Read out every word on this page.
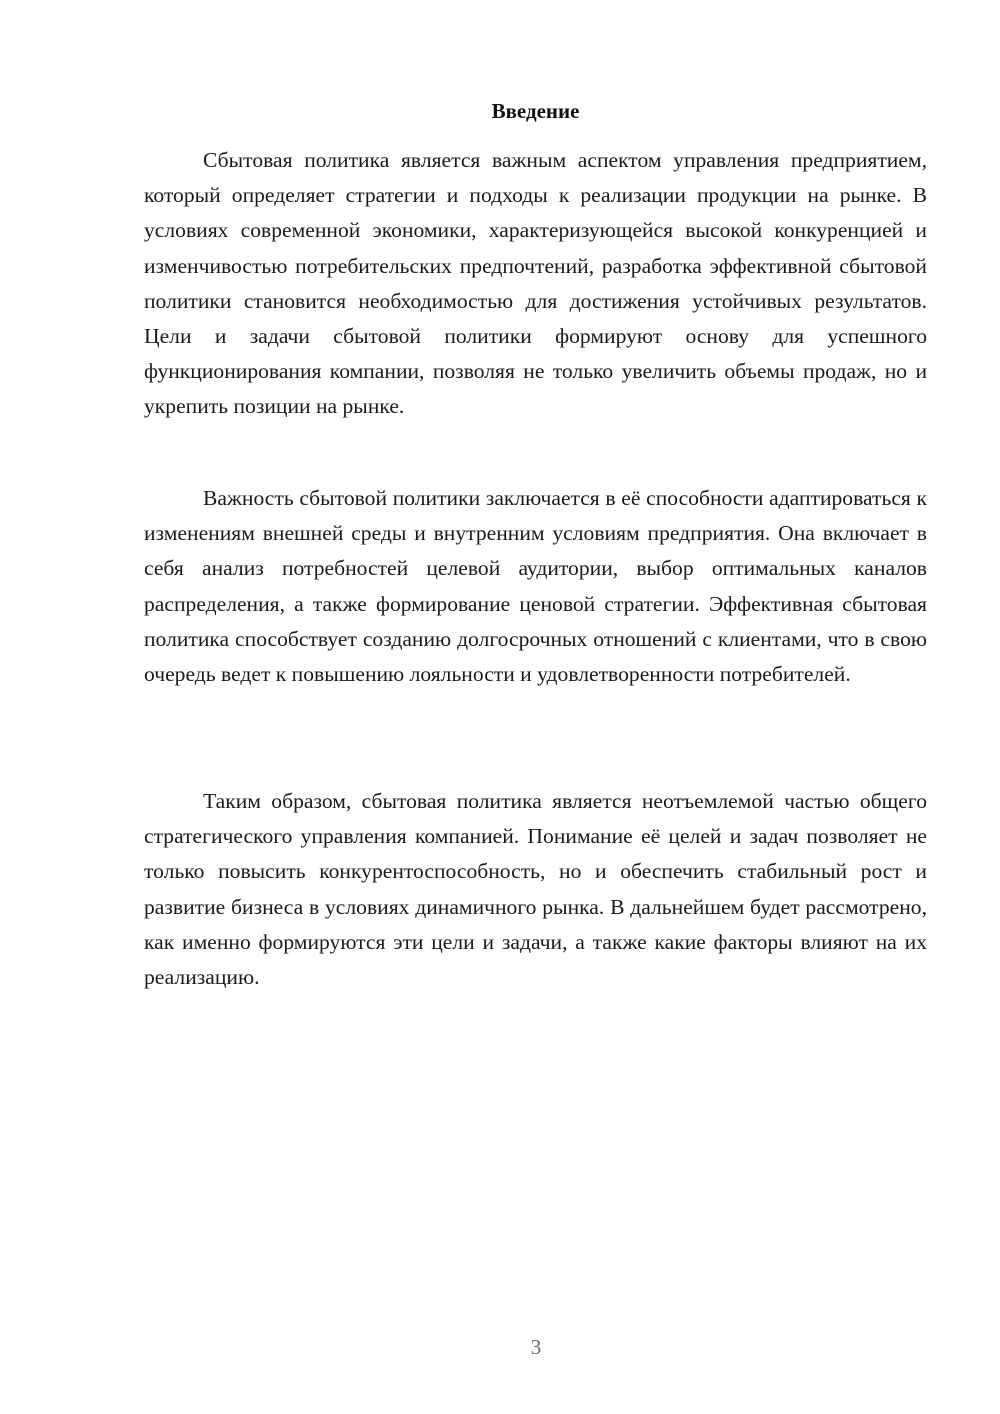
Введение

Сбытовая политика является важным аспектом управления предприятием, который определяет стратегии и подходы к реализации продукции на рынке. В условиях современной экономики, характеризующейся высокой конкуренцией и изменчивостью потребительских предпочтений, разработка эффективной сбытовой политики становится необходимостью для достижения устойчивых результатов. Цели и задачи сбытовой политики формируют основу для успешного функционирования компании, позволяя не только увеличить объемы продаж, но и укрепить позиции на рынке.

Важность сбытовой политики заключается в её способности адаптироваться к изменениям внешней среды и внутренним условиям предприятия. Она включает в себя анализ потребностей целевой аудитории, выбор оптимальных каналов распределения, а также формирование ценовой стратегии. Эффективная сбытовая политика способствует созданию долгосрочных отношений с клиентами, что в свою очередь ведет к повышению лояльности и удовлетворенности потребителей.

Таким образом, сбытовая политика является неотъемлемой частью общего стратегического управления компанией. Понимание её целей и задач позволяет не только повысить конкурентоспособность, но и обеспечить стабильный рост и развитие бизнеса в условиях динамичного рынка. В дальнейшем будет рассмотрено, как именно формируются эти цели и задачи, а также какие факторы влияют на их реализацию.

3
